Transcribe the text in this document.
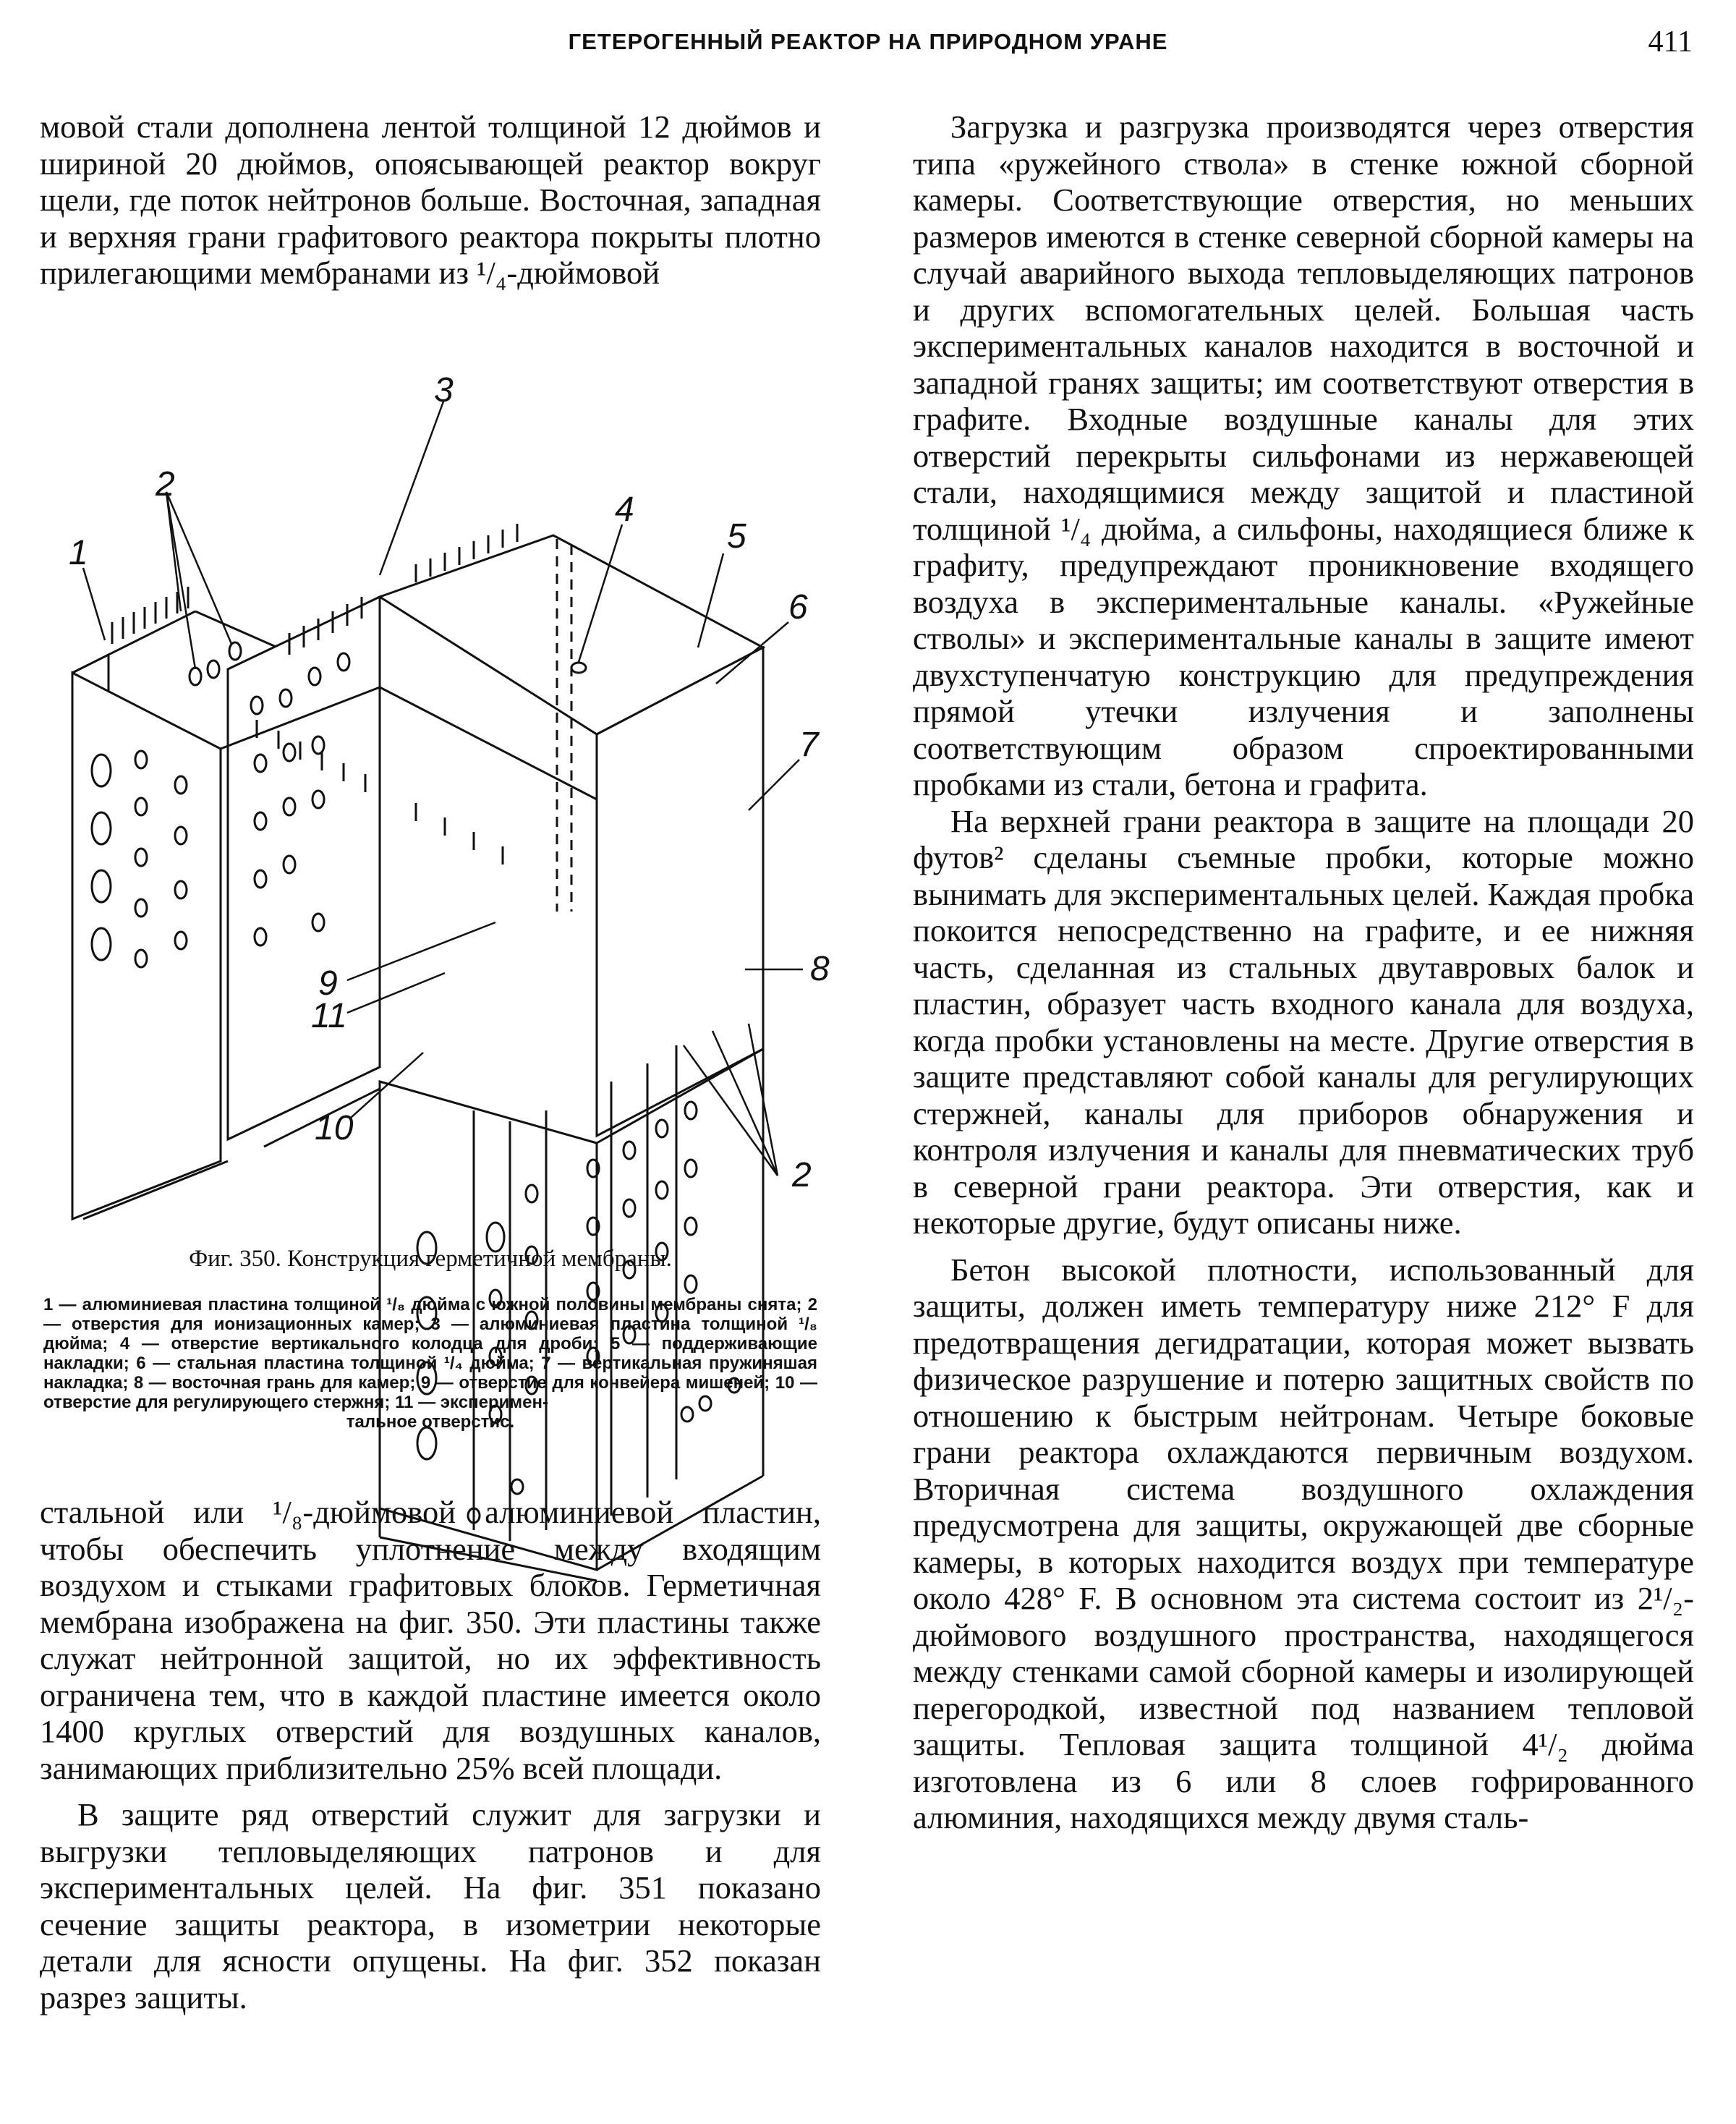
ГЕТЕРОГЕННЫЙ РЕАКТОР НА ПРИРОДНОМ УРАНЕ	411

мовой стали дополнена лентой толщиной 12 дюймов и шириной 20 дюймов, опоясывающей реактор вокруг щели, где поток нейтронов больше. Восточная, западная и верхняя грани графитового реактора покрыты плотно прилегающими мембранами из ¹/₄-дюймовой

1
2
3
4
5
6
7
8
9
10
11
2
Фиг. 350. Конструкция герметичной мембраны.
1 — алюминиевая пластина толщиной ¹/₈ дюйма с южной половины мембраны снята; 2 — отверстия для ионизационных камер; 3 — алюминиевая пластина толщиной ¹/₈ дюйма; 4 — отверстие вертикального колодца для дроби; 5 — поддерживающие накладки; 6 — стальная пластина толщиной ¹/₄ дюйма; 7 — вертикальная пружиняшая накладка; 8 — восточная грань для камер; 9 — отверстие для конвейера мишеней; 10 — отверстие для регулирующего стержня; 11 — эксперимен-
тальное отверстис.

стальной или ¹/₈-дюймовой алюминиевой пластин, чтобы обеспечить уплотнение между входящим воздухом и стыками графитовых блоков. Герметичная мембрана изображена на фиг. 350. Эти пластины также служат нейтронной защитой, но их эффективность ограничена тем, что в каждой пластине имеется около 1400 круглых отверстий для воздушных каналов, занимающих приблизительно 25% всей площади.

В защите ряд отверстий служит для загрузки и выгрузки тепловыделяющих патронов и для экспериментальных целей. На фиг. 351 показано сечение защиты реактора, в изометрии некоторые детали для ясности опущены. На фиг. 352 показан разрез защиты.

Загрузка и разгрузка производятся через отверстия типа «ружейного ствола» в стенке южной сборной камеры. Соответствующие отверстия, но меньших размеров имеются в стенке северной сборной камеры на случай аварийного выхода тепловыделяющих патронов и других вспомогательных целей. Большая часть экспериментальных каналов находится в восточной и западной гранях защиты; им соответствуют отверстия в графите. Входные воздушные каналы для этих отверстий перекрыты сильфонами из нержавеющей стали, находящимися между защитой и пластиной толщиной ¹/₄ дюйма, а сильфоны, находящиеся ближе к графиту, предупреждают проникновение входящего воздуха в экспериментальные каналы. «Ружейные стволы» и экспериментальные каналы в защите имеют двухступенчатую конструкцию для предупреждения прямой утечки излучения и заполнены соответствующим образом спроектированными пробками из стали, бетона и графита.

На верхней грани реактора в защите на площади 20 футов² сделаны съемные пробки, которые можно вынимать для экспериментальных целей. Каждая пробка покоится непосредственно на графите, и ее нижняя часть, сделанная из стальных двутавровых балок и пластин, образует часть входного канала для воздуха, когда пробки установлены на месте. Другие отверстия в защите представляют собой каналы для регулирующих стержней, каналы для приборов обнаружения и контроля излучения и каналы для пневматических труб в северной грани реактора. Эти отверстия, как и некоторые другие, будут описаны ниже.

Бетон высокой плотности, использованный для защиты, должен иметь температуру ниже 212° F для предотвращения дегидратации, которая может вызвать физическое разрушение и потерю защитных свойств по отношению к быстрым нейтронам. Четыре боковые грани реактора охлаждаются первичным воздухом. Вторичная система воздушного охлаждения предусмотрена для защиты, окружающей две сборные камеры, в которых находится воздух при температуре около 428° F. В основном эта система состоит из 2¹/₂-дюймового воздушного пространства, находящегося между стенками самой сборной камеры и изолирующей перегородкой, известной под названием тепловой защиты. Тепловая защита толщиной 4¹/₂ дюйма изготовлена из 6 или 8 слоев гофрированного алюминия, находящихся между двумя сталь-
